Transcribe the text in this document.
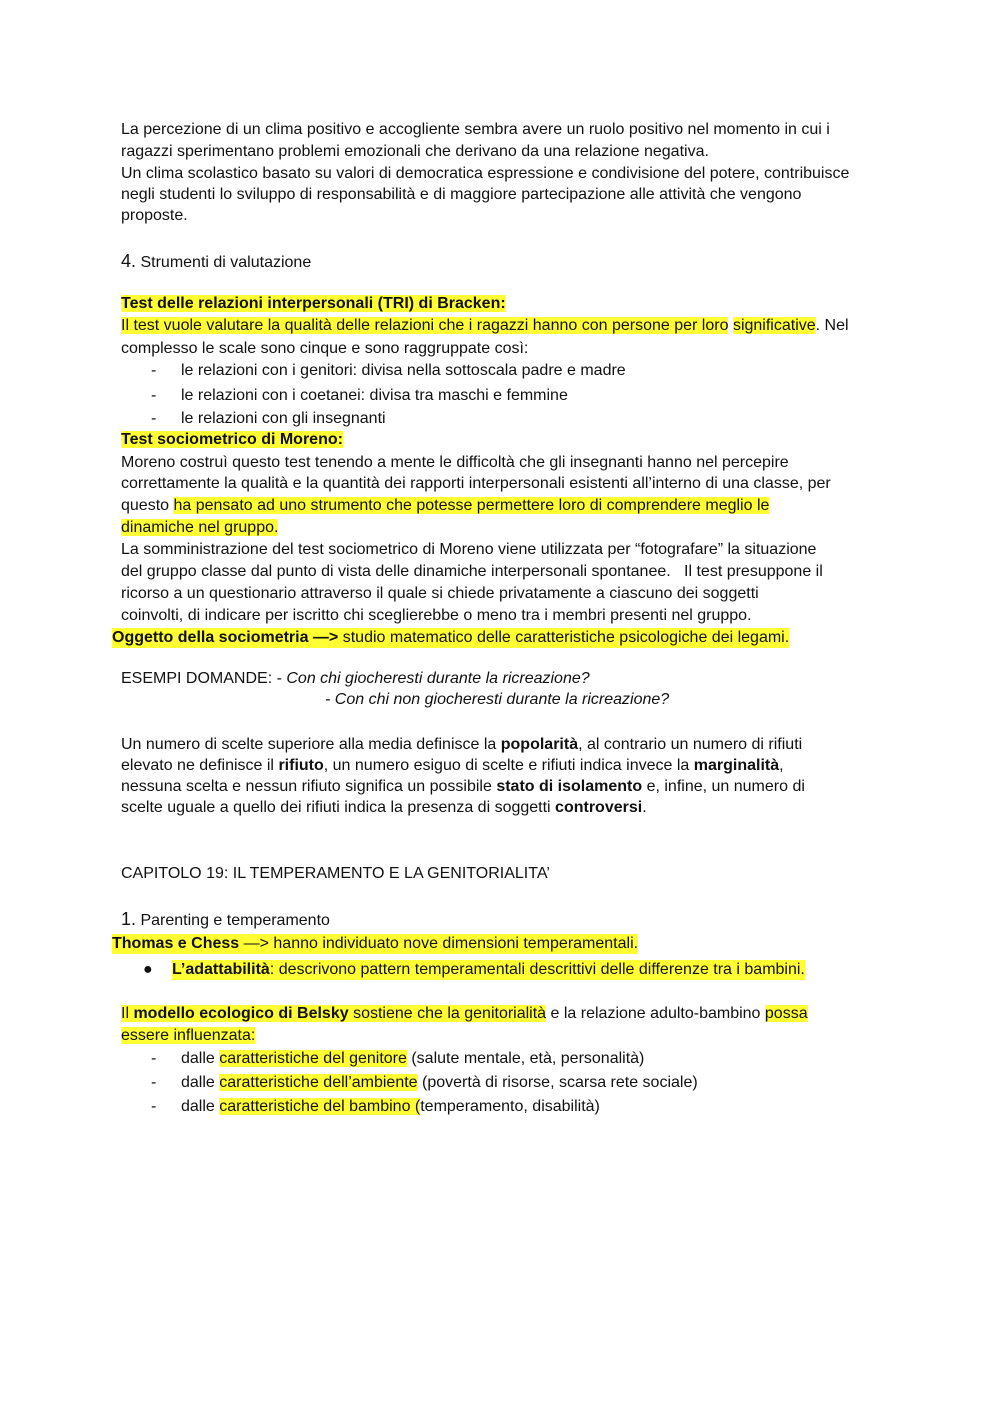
La percezione di un clima positivo e accogliente sembra avere un ruolo positivo nel momento in cui i
ragazzi sperimentano problemi emozionali che derivano da una relazione negativa.
Un clima scolastico basato su valori di democratica espressione e condivisione del potere, contribuisce
negli studenti lo sviluppo di responsabilità e di maggiore partecipazione alle attività che vengono
proposte.
4. Strumenti di valutazione
Test delle relazioni interpersonali (TRI) di Bracken:
Il test vuole valutare la qualità delle relazioni che i ragazzi hanno con persone per loro significative. Nel
complesso le scale sono cinque e sono raggruppate così:
- le relazioni con i genitori: divisa nella sottoscala padre e madre
- le relazioni con i coetanei: divisa tra maschi e femmine
- le relazioni con gli insegnanti
Test sociometrico di Moreno:
Moreno costruì questo test tenendo a mente le difficoltà che gli insegnanti hanno nel percepire
correttamente la qualità e la quantità dei rapporti interpersonali esistenti all’interno di una classe, per
questo ha pensato ad uno strumento che potesse permettere loro di comprendere meglio le
dinamiche nel gruppo.
La somministrazione del test sociometrico di Moreno viene utilizzata per “fotografare” la situazione
del gruppo classe dal punto di vista delle dinamiche interpersonali spontanee.   Il test presuppone il
ricorso a un questionario attraverso il quale si chiede privatamente a ciascuno dei soggetti
coinvolti, di indicare per iscritto chi sceglierebbe o meno tra i membri presenti nel gruppo.
Oggetto della sociometria —> studio matematico delle caratteristiche psicologiche dei legami.
ESEMPI DOMANDE: - Con chi giocheresti durante la ricreazione?
- Con chi non giocheresti durante la ricreazione?
Un numero di scelte superiore alla media definisce la popolarità, al contrario un numero di rifiuti
elevato ne definisce il rifiuto, un numero esiguo di scelte e rifiuti indica invece la marginalità,
nessuna scelta e nessun rifiuto significa un possibile stato di isolamento e, infine, un numero di
scelte uguale a quello dei rifiuti indica la presenza di soggetti controversi.
CAPITOLO 19: IL TEMPERAMENTO E LA GENITORIALITA’
1. Parenting e temperamento
Thomas e Chess —> hanno individuato nove dimensioni temperamentali.
● L’adattabilità: descrivono pattern temperamentali descrittivi delle differenze tra i bambini.
Il modello ecologico di Belsky sostiene che la genitorialità e la relazione adulto-bambino possa
essere influenzata:
- dalle caratteristiche del genitore (salute mentale, età, personalità)
- dalle caratteristiche dell’ambiente (povertà di risorse, scarsa rete sociale)
- dalle caratteristiche del bambino (temperamento, disabilità)
